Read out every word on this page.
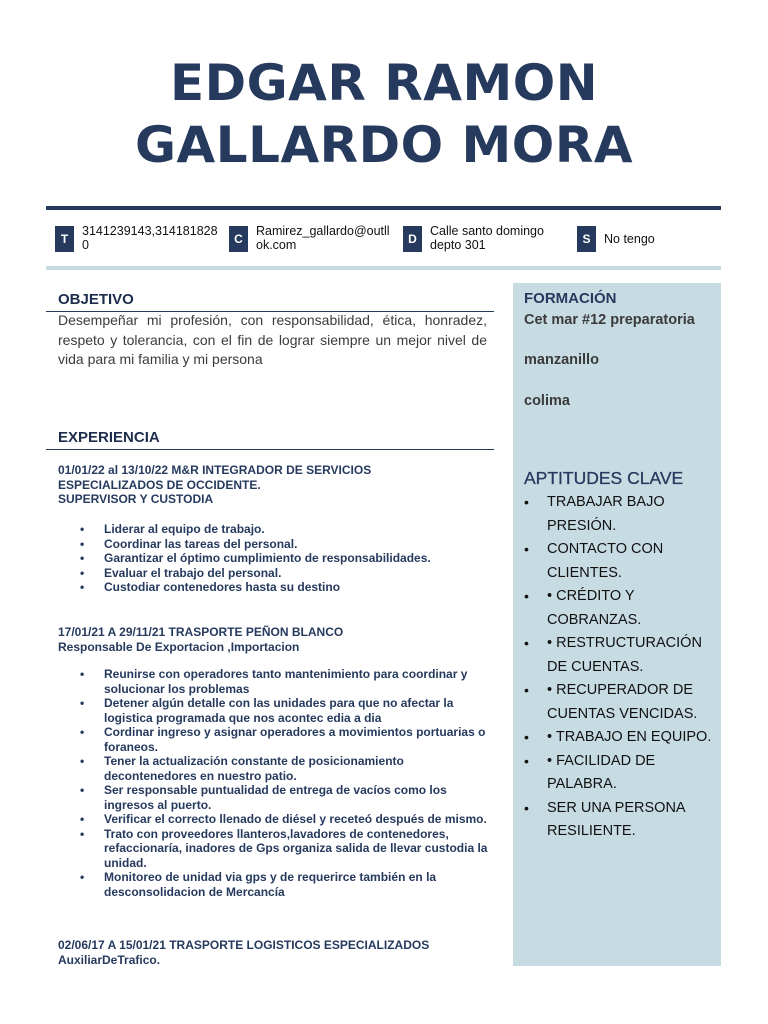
EDGAR RAMON
GALLARDO MORA
T
3141239143,3141818280	C
Ramirez_gallardo@outllok.com	D
Calle santo domingo depto 301	S	No tengo
OBJETIVO
Desempeñar mi profesión, con responsabilidad, ética, honradez, respeto y tolerancia, con el fin de lograr siempre un mejor nivel de vida para mi familia y mi persona
EXPERIENCIA
01/01/22 al 13/10/22 M&R INTEGRADOR DE SERVICIOS
ESPECIALIZADOS DE OCCIDENTE.
SUPERVISOR Y CUSTODIA
• Liderar al equipo de trabajo.
• Coordinar las tareas del personal.
• Garantizar el óptimo cumplimiento de responsabilidades.
• Evaluar el trabajo del personal.
• Custodiar contenedores hasta su destino
17/01/21 A 29/11/21 TRASPORTE PEÑON BLANCO
Responsable De Exportacion ,Importacion
• Reunirse con operadores tanto mantenimiento para coordinar y solucionar los problemas
• Detener algún detalle con las unidades para que no afectar la logistica programada que nos acontec edia a dia
• Cordinar ingreso y asignar operadores a movimientos portuarias o foraneos.
• Tener la actualización constante de posicionamiento decontenedores en nuestro patio.
• Ser responsable puntualidad de entrega de vacíos como los ingresos al puerto.
• Verificar el correcto llenado de diésel y receteó después de mismo.
• Trato con proveedores llanteros,lavadores de contenedores, refaccionaría, inadores de Gps organiza salida de llevar custodia la unidad.
• Monitoreo de unidad via gps y de requerirce también en la desconsolidacion de Mercancía
02/06/17 A 15/01/21 TRASPORTE LOGISTICOS ESPECIALIZADOS
AuxiliarDeTrafico.
FORMACIÓN
Cet mar #12 preparatoria
manzanillo
colima
APTITUDES CLAVE
• TRABAJAR BAJO PRESIÓN.
• CONTACTO CON CLIENTES.
• • CRÉDITO Y COBRANZAS.
• • RESTRUCTURACIÓN DE CUENTAS.
• • RECUPERADOR DE CUENTAS VENCIDAS.
• • TRABAJO EN EQUIPO.
• • FACILIDAD DE PALABRA.
• SER UNA PERSONA RESILIENTE.
